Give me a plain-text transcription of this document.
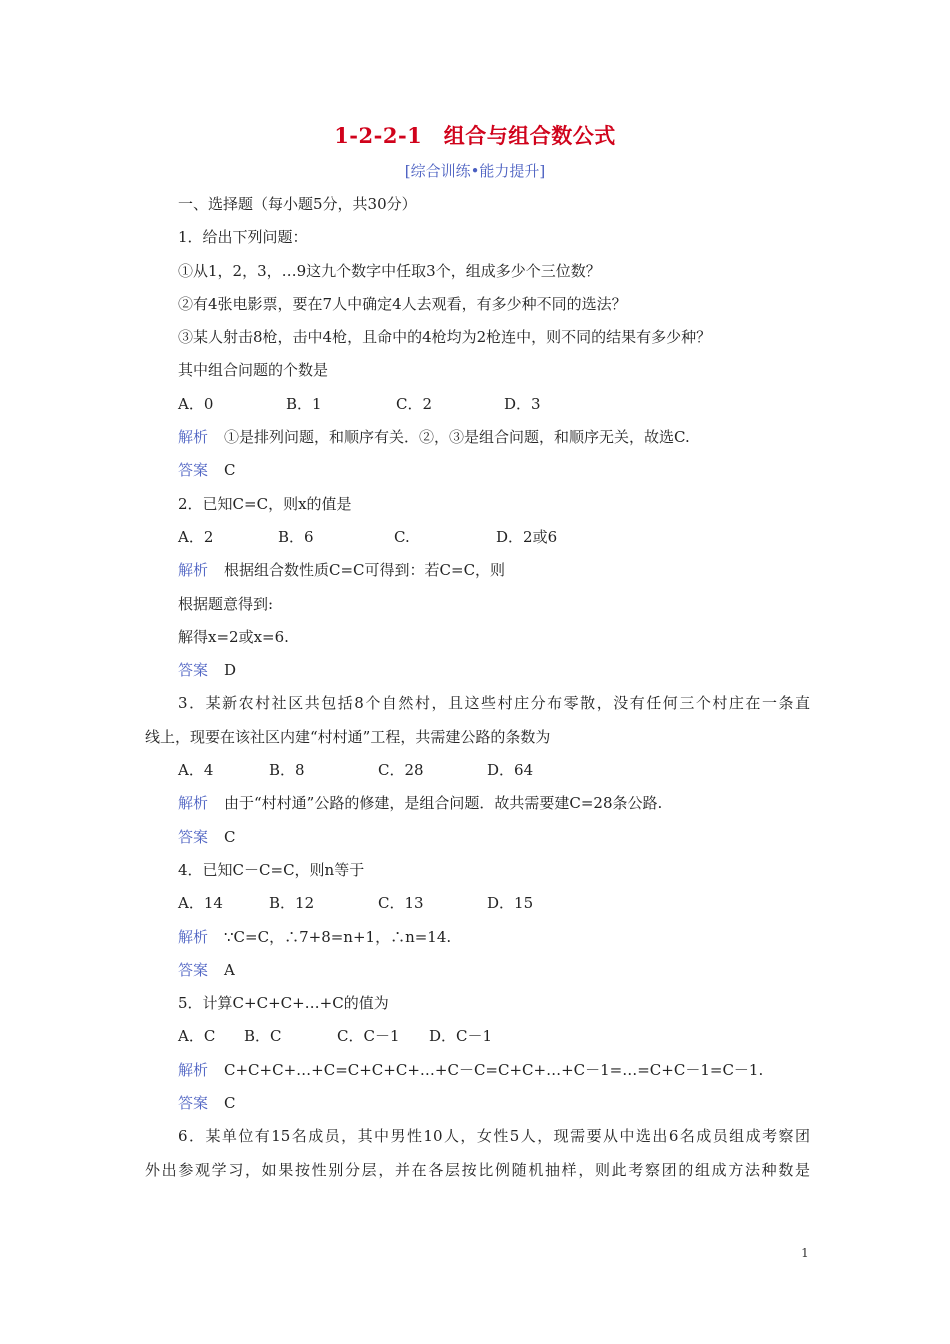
1-2-2-1　组合与组合数公式
[综合训练•能力提升]
一、选择题（每小题5分，共30分）
1．给出下列问题：
①从1，2，3，…9这九个数字中任取3个，组成多少个三位数？
②有4张电影票，要在7人中确定4人去观看，有多少种不同的选法？
③某人射击8枪，击中4枪，且命中的4枪均为2枪连中，则不同的结果有多少种？
其中组合问题的个数是
A．0	B．1	C．2	D．3
解析 ①是排列问题，和顺序有关．②，③是组合问题，和顺序无关，故选C.
答案 C
2．已知C=C，则x的值是
A．2	B．6	C.	D．2或6
解析 根据组合数性质C=C可得到：若C=C，则
根据题意得到:
解得x=2或x=6.
答案 D
3．某新农村社区共包括8个自然村，且这些村庄分布零散，没有任何三个村庄在一条直
线上，现要在该社区内建“村村通”工程，共需建公路的条数为
A．4	B．8	C．28	D．64
解析 由于“村村通”公路的修建，是组合问题．故共需要建C=28条公路.
答案 C
4．已知C－C=C，则n等于
A．14	B．12	C．13	D．15
解析 ∵C=C，∴7+8=n+1，∴n=14.
答案 A
5．计算C+C+C+…+C的值为
A．C B．C	C．C－1 D．C－1
解析 C+C+C+…+C=C+C+C+…+C－C=C+C+…+C－1=…=C+C－1=C－1.
答案 C
6．某单位有15名成员，其中男性10人，女性5人，现需要从中选出6名成员组成考察团
外出参观学习，如果按性别分层，并在各层按比例随机抽样，则此考察团的组成方法种数是
1
